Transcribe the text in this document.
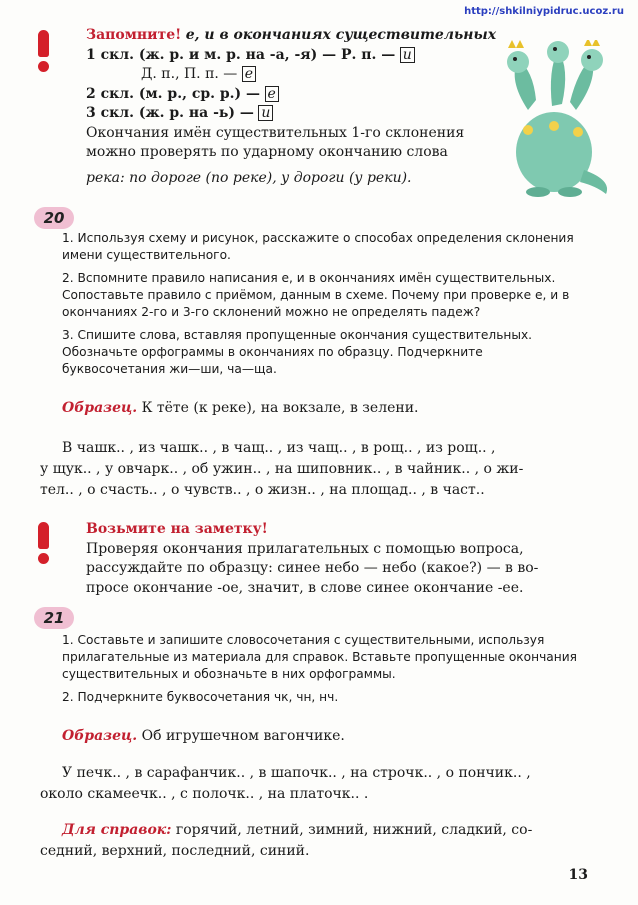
http://shkilniypidruc.ucoz.ru
Запомните! е, и в окончаниях существительных
1 скл. (ж. р. и м. р. на -а, -я) — Р. п. — и
Д. п., П. п. — е
2 скл. (м. р., ср. р.) — е
3 скл. (ж. р. на -ь) — и
Окончания имён существительных 1-го склонения
можно проверять по ударному окончанию слова
река: по дорогe (по реке), у дороги (у реки).
20

1. Используя схему и рисунок, расскажите о способах определения склонения имени существительного.

2. Вспомните правило написания е, и в окончаниях имён существительных. Сопоставьте правило с приёмом, данным в схеме. Почему при проверке е, и в окончаниях 2-го и 3-го склонений можно не определять падеж?

3. Спишите слова, вставляя пропущенные окончания существительных. Обозначьте орфограммы в окончаниях по образцу. Подчеркните буквосочетания жи—ши, ча—ща.

Образец. К тётe (к реке), на вокзале, в зелени.
В чашк.. , из чашк.. , в чащ.. , из чащ.. , в рощ.. , из рощ.. ,
у щук.. , у овчарк.. , об ужин.. , на шиповник.. , в чайник.. , о жи-
тел.. , о счасть.. , о чувств.. , о жизн.. , на площад.. , в част..
Возьмите на заметку!
Проверяя окончания прилагательных с помощью вопроса,
рассуждайте по образцу: синее небо — небо (какое?) — в во-
просе окончание -ое, значит, в слове синее окончание -ее.
21

1. Составьте и запишите словосочетания с существительными, используя прилагательные из материала для справок. Вставьте пропущенные окончания существительных и обозначьте в них орфограммы.

2. Подчеркните буквосочетания чк, чн, нч.

Образец. Об игрушечном вагончике.
У печк.. , в сарафанчик.. , в шапочк.. , на строчк.. , о пончик.. ,
около скамеечк.. , с полочк.. , на платочк.. .
Для справок: горячий, летний, зимний, нижний, сладкий, со-
седний, верхний, последний, синий.
13
